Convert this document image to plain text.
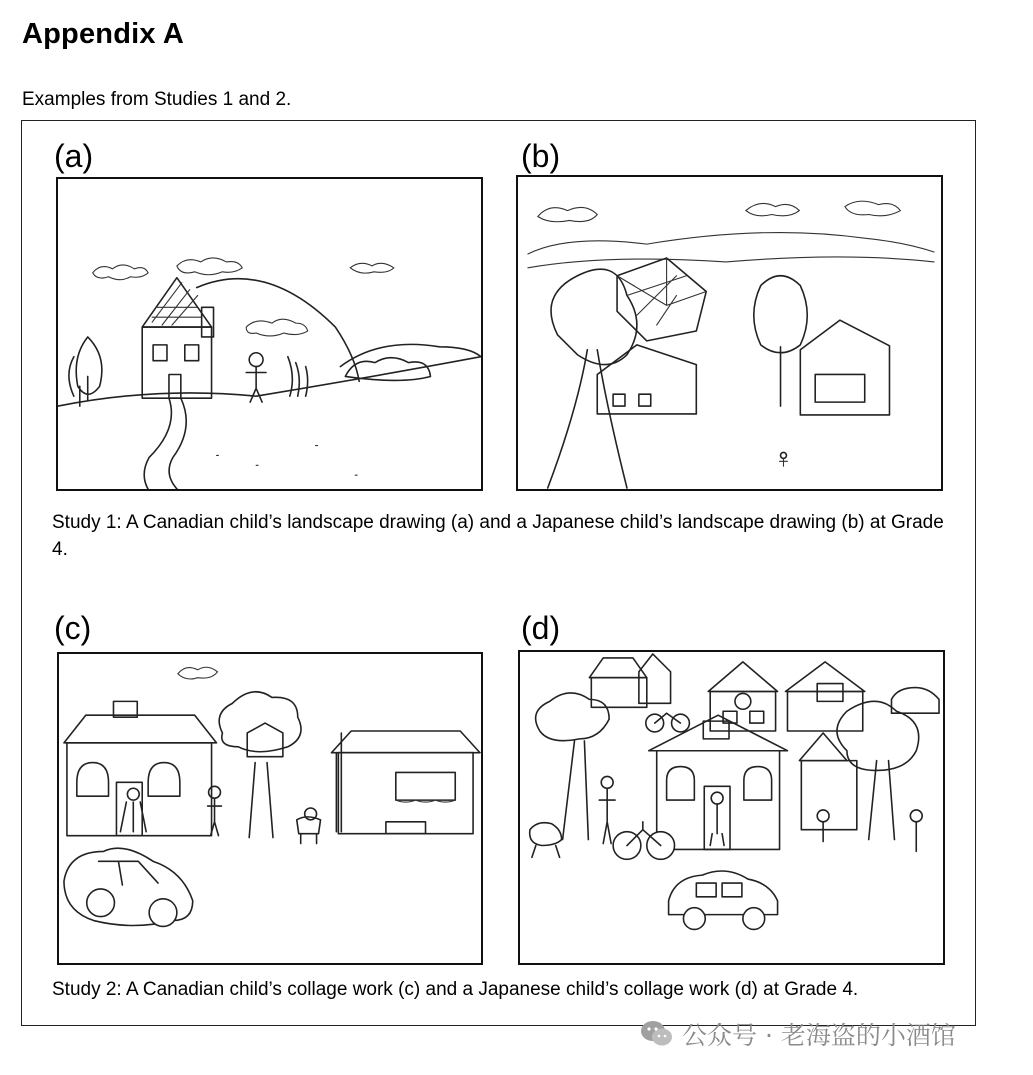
Appendix A
Examples from Studies 1 and 2.
(a)	(b)
Study 1: A Canadian child’s landscape drawing (a) and a Japanese child’s landscape drawing (b) at Grade 4.
(c)	(d)
Study 2: A Canadian child’s collage work (c) and a Japanese child’s collage work (d) at Grade 4.
公众号 · 老海盗的小酒馆
